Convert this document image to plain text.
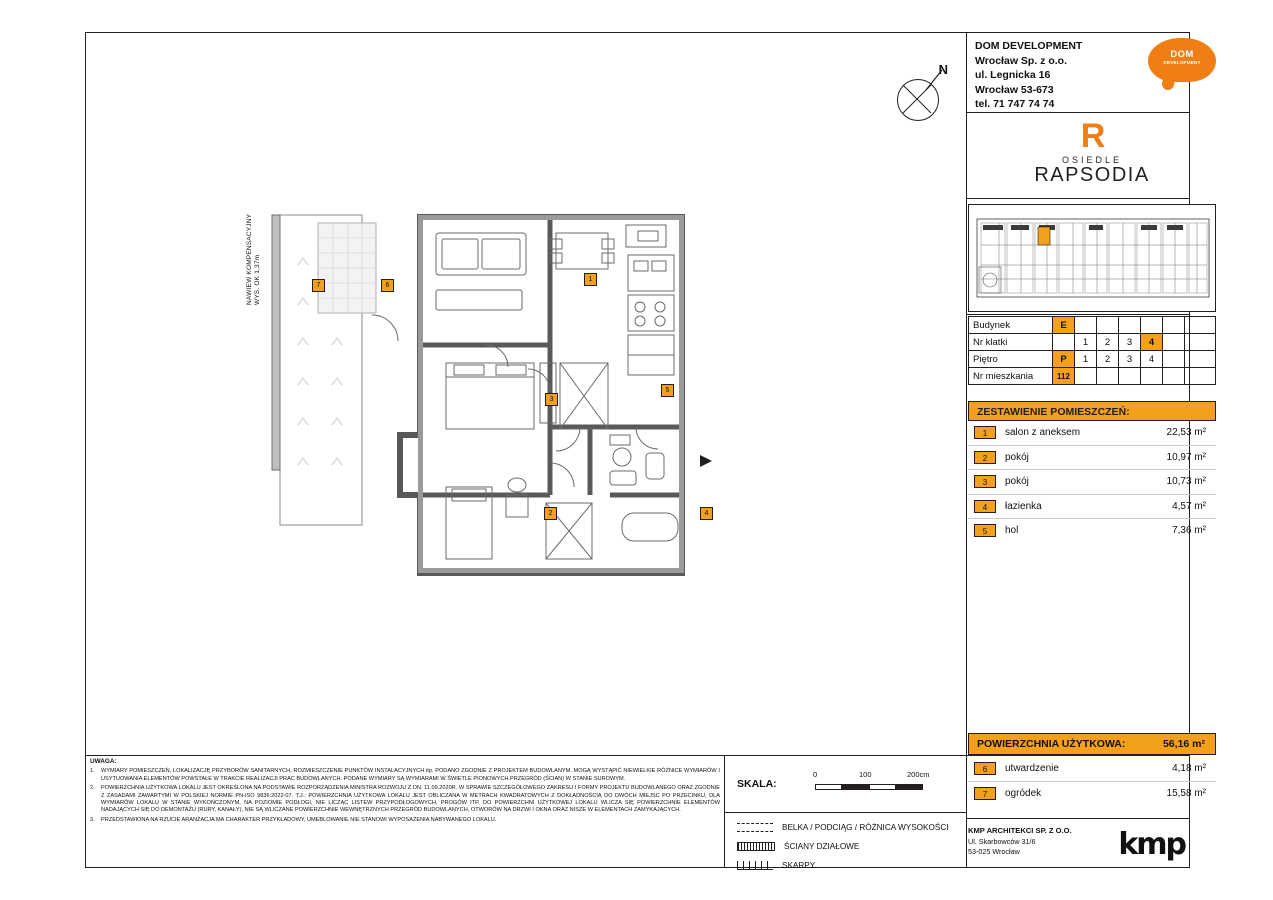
DOM DEVELOPMENT
Wrocław Sp. z o.o.
ul. Legnicka 16
Wrocław 53-673
tel. 71 747 74 74
DOM
DEVELOPMENT
N
R
OSIEDLE
RAPSODIA
Budynek	E						
Nr klatki		1	2	3	4		
Piętro	P	1	2	3	4		
Nr mieszkania	112						
ZESTAWIENIE POMIESZCZEŃ:
1	salon z aneksem	22,53 m²
2	pokój	10,97 m²
3	pokój	10,73 m²
4	łazienka	4,57 m²
5	hol	7,36 m²
POWIERZCHNIA UŻYTKOWA:	56,16 m²
6	utwardzenie	4,18 m²
7	ogródek	15,58 m²
NAWIEW KOMPENSACYJNY WYS. OK 1,37m	1
2
3
4
5
6
7
UWAGA:
1.	WYMIARY POMIESZCZEŃ, LOKALIZACJĘ PRZYBORÓW SANITARNYCH, ROZMIESZCZENIE PUNKTÓW INSTALACYJNYCH itp. PODANO ZGODNIE Z PROJEKTEM BUDOWLANYM. MOGĄ WYSTĄPIĆ NIEWIELKIE RÓŻNICE WYMIARÓW I USYTUOWANIA ELEMENTÓW POWSTAŁE W TRAKCIE REALIZACJI PRAC BUDOWLANYCH. PODANE WYMIARY SĄ WYMIARAMI W ŚWIETLE PIONOWYCH PRZEGRÓD (ŚCIAN) W STANIE SUROWYM.
2.	POWIERZCHNIA UŻYTKOWA LOKALU JEST OKREŚLONA NA PODSTAWIE ROZPORZĄDZENIA MINISTRA ROZWOJU Z DN. 11.09.2020R. W SPRAWIE SZCZEGÓŁOWEGO ZAKRESU I FORMY PROJEKTU BUDOWLANEGO ORAZ ZGODNIE Z ZASADAMI ZAWARTYMI W POLSKIEJ NORMIE PN-ISO 9836:2022-07. T.J.: POWIERZCHNIA UŻYTKOWA LOKALU JEST OBLICZANA W METRACH KWADRATOWYCH Z DOKŁADNOŚCIĄ DO DWÓCH MIEJSC PO PRZECINKU, DLA WYMIARÓW LOKALU W STANIE WYKOŃCZONYM, NA POZIOMIE PODŁOGI, NIE LICZĄC LISTEW PRZYPODŁOGOWYCH, PROGÓW ITP. DO POWIERZCHNI UŻYTKOWEJ LOKALU WLICZA SIĘ POWIERZCHNIE ELEMENTÓW NADAJĄCYCH SIĘ DO DEMONTAŻU (RURY, KANAŁY), NIE SĄ WLICZANE POWIERZCHNIE WEWNĘTRZNYCH PRZEGRÓD BUDOWLANYCH, OTWORÓW NA DRZWI I OKNA ORAZ NISZE W ELEMENTACH ZAMYKAJĄCYCH.
3.	PRZEDSTAWIONA NA RZUCIE ARANŻACJA MA CHARAKTER PRZYKŁADOWY, UMEBLOWANIE NIE STANOWI WYPOSAŻENIA NABYWANEGO LOKALU.
SKALA:
0	100	200cm
BELKA / PODCIĄG / RÓŻNICA WYSOKOŚCI
ŚCIANY DZIAŁOWE
SKARPY
KMP ARCHITEKCI SP. Z O.O.
Ul. Skarbowców 31/6
53-025 Wrocław	kmp
